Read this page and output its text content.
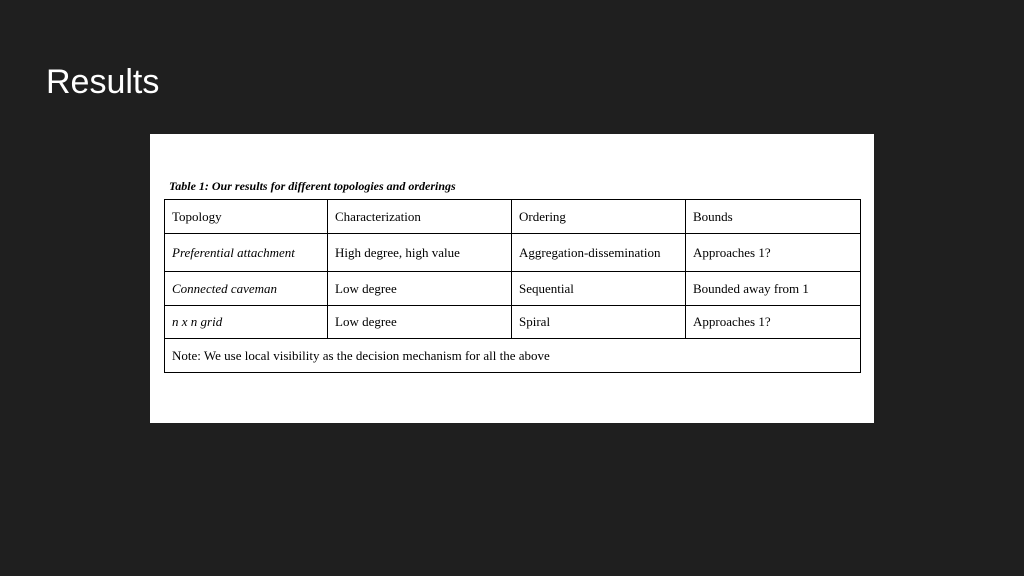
Results
Table 1: Our results for different topologies and orderings
Topology	Characterization	Ordering	Bounds
Preferential attachment	High degree, high value	Aggregation-dissemination	Approaches 1?
Connected caveman	Low degree	Sequential	Bounded away from 1
n x n grid	Low degree	Spiral	Approaches 1?
Note: We use local visibility as the decision mechanism for all the above			
